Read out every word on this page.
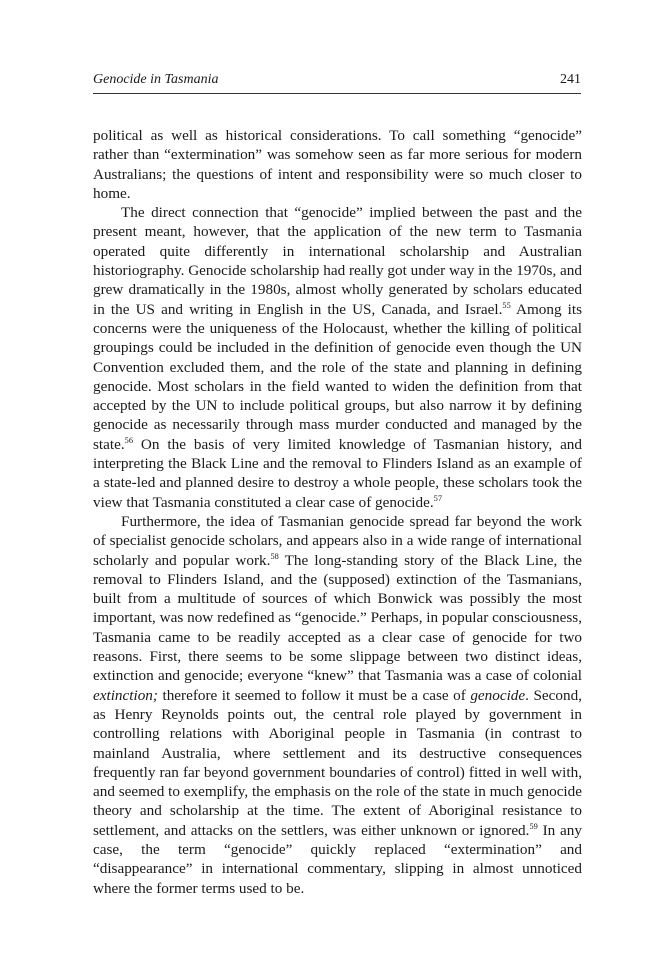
Genocide in Tasmania	241

political as well as historical considerations. To call something “genocide” rather than “extermination” was somehow seen as far more serious for modern Australians; the questions of intent and responsibility were so much closer to home.

The direct connection that “genocide” implied between the past and the present meant, however, that the application of the new term to Tasmania operated quite differently in international scholarship and Australian historiography. Genocide scholarship had really got under way in the 1970s, and grew dramatically in the 1980s, almost wholly generated by scholars educated in the US and writing in English in the US, Canada, and Israel.$^{55}$ Among its concerns were the uniqueness of the Holocaust, whether the killing of political groupings could be included in the definition of genocide even though the UN Convention excluded them, and the role of the state and planning in defining genocide. Most scholars in the field wanted to widen the definition from that accepted by the UN to include political groups, but also narrow it by defining genocide as necessarily through mass murder conducted and managed by the state.$^{56}$ On the basis of very limited knowledge of Tasmanian history, and interpreting the Black Line and the removal to Flinders Island as an example of a state-led and planned desire to destroy a whole people, these scholars took the view that Tasmania constituted a clear case of genocide.$^{57}$

Furthermore, the idea of Tasmanian genocide spread far beyond the work of specialist genocide scholars, and appears also in a wide range of international scholarly and popular work.$^{58}$ The long-standing story of the Black Line, the removal to Flinders Island, and the (supposed) extinction of the Tasmanians, built from a multitude of sources of which Bonwick was possibly the most important, was now redefined as “genocide.” Perhaps, in popular consciousness, Tasmania came to be readily accepted as a clear case of genocide for two reasons. First, there seems to be some slippage between two distinct ideas, extinction and genocide; everyone “knew” that Tasmania was a case of colonial extinction; therefore it seemed to follow it must be a case of genocide. Second, as Henry Reynolds points out, the central role played by government in controlling relations with Aboriginal people in Tasmania (in contrast to mainland Australia, where settlement and its destructive consequences frequently ran far beyond government boundaries of control) fitted in well with, and seemed to exemplify, the emphasis on the role of the state in much genocide theory and scholarship at the time. The extent of Aboriginal resistance to settlement, and attacks on the settlers, was either unknown or ignored.$^{59}$ In any case, the term “genocide” quickly replaced “extermination” and “disappearance” in international commentary, slipping in almost unnoticed where the former terms used to be.
